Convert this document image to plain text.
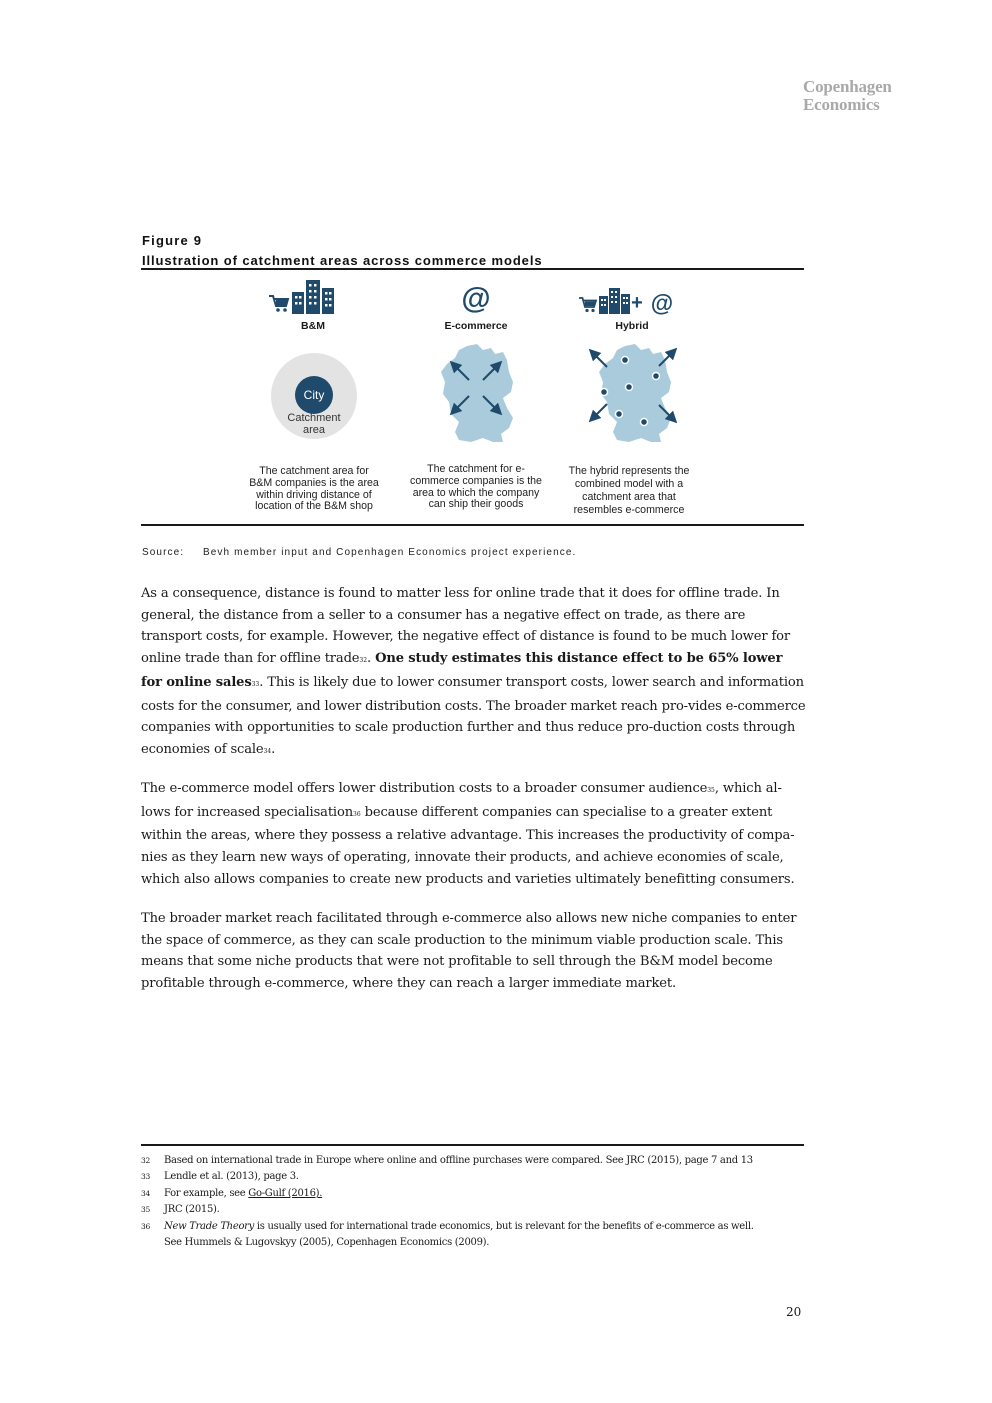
Copenhagen
Economics
Figure 9
Illustration of catchment areas across commerce models
@	+ @
B&M	E-commerce	Hybrid
City
Catchment
area
The catchment area for
B&M companies is the area
within driving distance of
location of the B&M shop
The catchment for e-
commerce companies is the
area to which the company
can ship their goods
The hybrid represents the
combined model with a
catchment area that
resembles e-commerce
Source: Bevh member input and Copenhagen Economics project experience.
As a consequence, distance is found to matter less for online trade that it does for offline trade. In general, the distance from a seller to a consumer has a negative effect on trade, as there are transport costs, for example. However, the negative effect of distance is found to be much lower for online trade than for offline trade32. One study estimates this distance effect to be 65% lower for online sales33. This is likely due to lower consumer transport costs, lower search and information costs for the consumer, and lower distribution costs. The broader market reach pro-vides e-commerce companies with opportunities to scale production further and thus reduce pro-duction costs through economies of scale34.
The e-commerce model offers lower distribution costs to a broader consumer audience35, which al-lows for increased specialisation36 because different companies can specialise to a greater extent within the areas, where they possess a relative advantage. This increases the productivity of compa-nies as they learn new ways of operating, innovate their products, and achieve economies of scale, which also allows companies to create new products and varieties ultimately benefitting consumers.
The broader market reach facilitated through e-commerce also allows new niche companies to enter the space of commerce, as they can scale production to the minimum viable production scale. This means that some niche products that were not profitable to sell through the B&M model become profitable through e-commerce, where they can reach a larger immediate market.
32 Based on international trade in Europe where online and offline purchases were compared. See JRC (2015), page 7 and 13
33 Lendle et al. (2013), page 3.
34 For example, see Go-Gulf (2016).
35 JRC (2015).
36 New Trade Theory is usually used for international trade economics, but is relevant for the benefits of e-commerce as well.
See Hummels & Lugovskyy (2005), Copenhagen Economics (2009).
20
